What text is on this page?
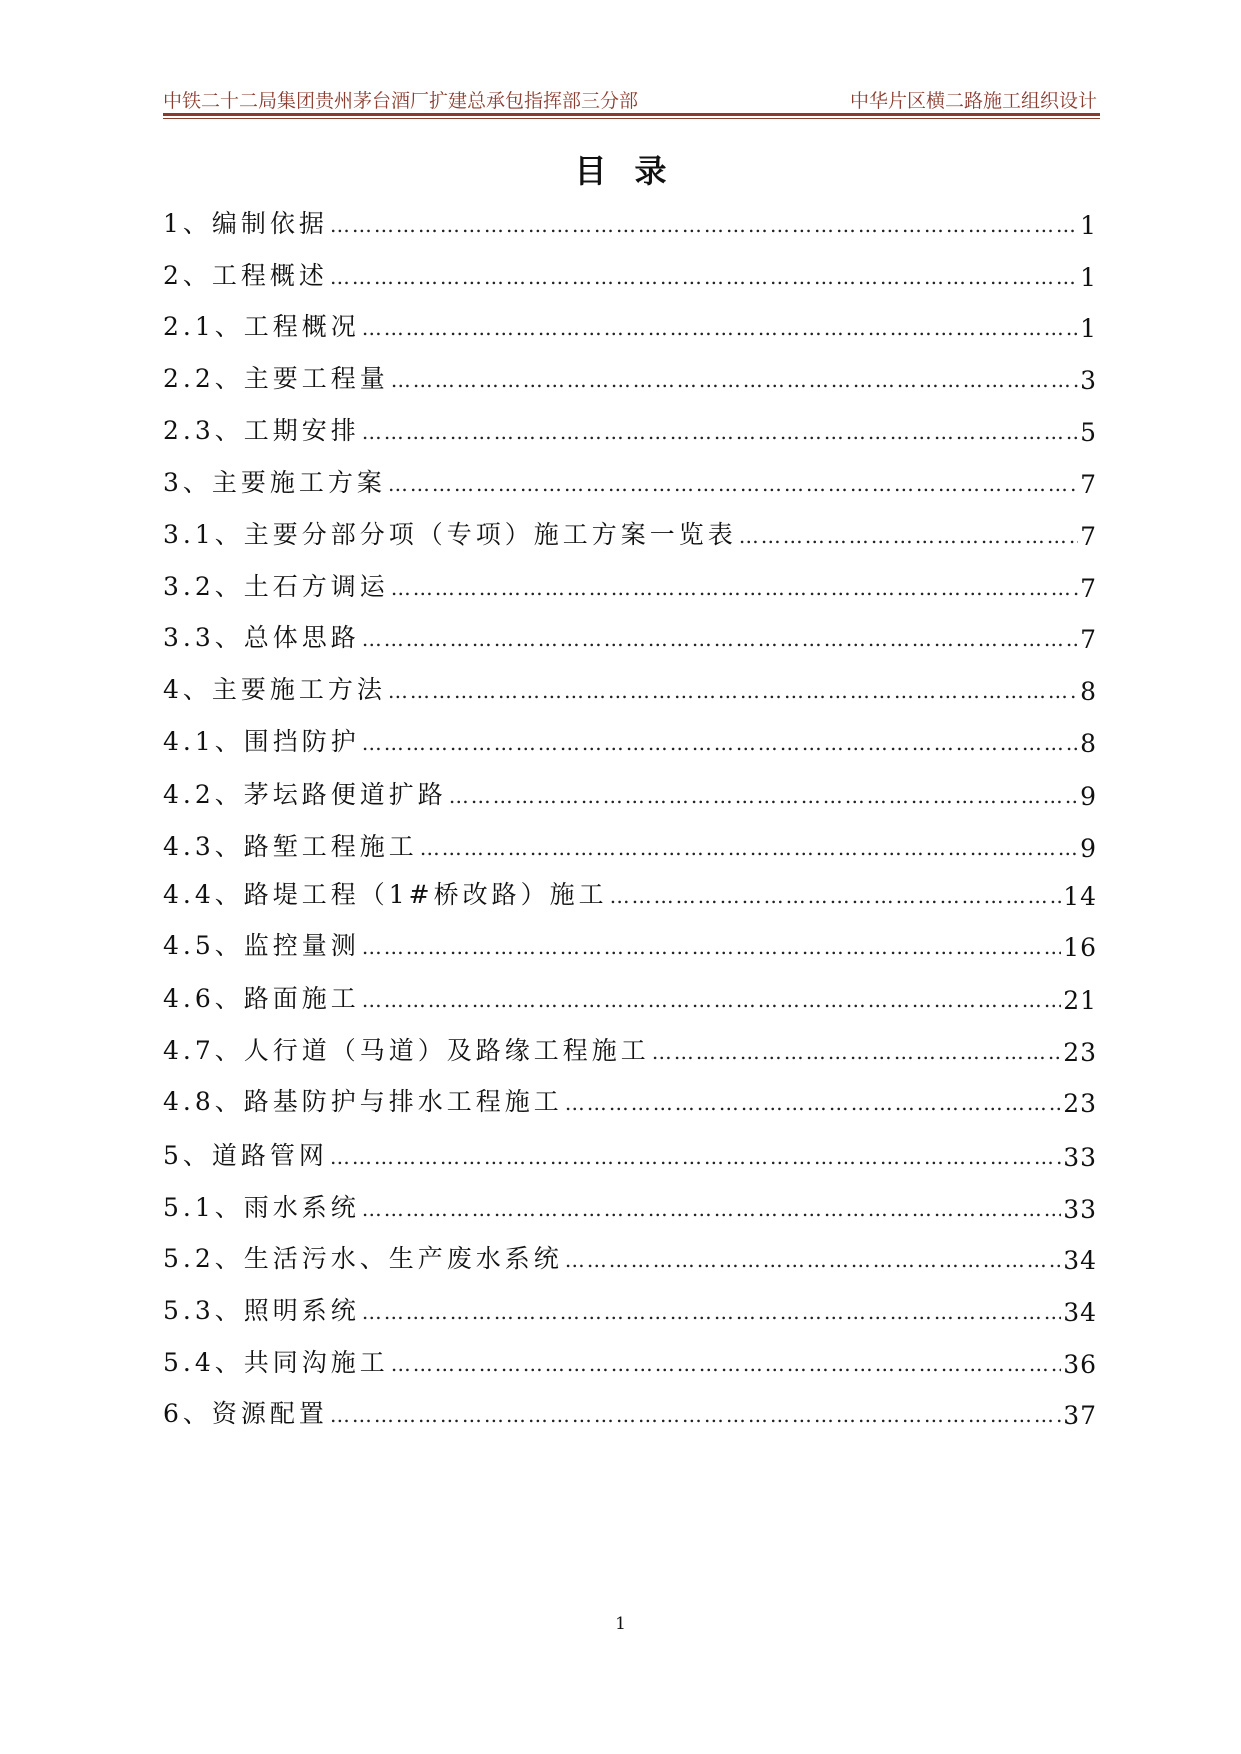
中铁二十二局集团贵州茅台酒厂扩建总承包指挥部三分部	中华片区横二路施工组织设计
目录
1、编制依据 ……………………………………………………………………………………………………………………………………………………………………………………	1
2、工程概述 ……………………………………………………………………………………………………………………………………………………………………………………	1
2.1、工程概况 ……………………………………………………………………………………………………………………………………………………………………………………	1
2.2、主要工程量 ……………………………………………………………………………………………………………………………………………………………………………………	3
2.3、工期安排 ……………………………………………………………………………………………………………………………………………………………………………………	5
3、主要施工方案 ……………………………………………………………………………………………………………………………………………………………………………………	7
3.1、主要分部分项（专项）施工方案一览表 ……………………………………………………………………………………………………………………………………………………………………………………	7
3.2、土石方调运 ……………………………………………………………………………………………………………………………………………………………………………………	7
3.3、总体思路 ……………………………………………………………………………………………………………………………………………………………………………………	7
4、主要施工方法 ……………………………………………………………………………………………………………………………………………………………………………………	8
4.1、围挡防护 ……………………………………………………………………………………………………………………………………………………………………………………	8
4.2、茅坛路便道扩路 ……………………………………………………………………………………………………………………………………………………………………………………	9
4.3、路堑工程施工 ……………………………………………………………………………………………………………………………………………………………………………………	9
4.4、路堤工程（1#桥改路）施工 ……………………………………………………………………………………………………………………………………………………………………………………	14
4.5、监控量测 ……………………………………………………………………………………………………………………………………………………………………………………	16
4.6、路面施工 ……………………………………………………………………………………………………………………………………………………………………………………	21
4.7、人行道（马道）及路缘工程施工 ……………………………………………………………………………………………………………………………………………………………………………………	23
4.8、路基防护与排水工程施工 ……………………………………………………………………………………………………………………………………………………………………………………	23
5、道路管网 ……………………………………………………………………………………………………………………………………………………………………………………	33
5.1、雨水系统 ……………………………………………………………………………………………………………………………………………………………………………………	33
5.2、生活污水、生产废水系统 ……………………………………………………………………………………………………………………………………………………………………………………	34
5.3、照明系统 ……………………………………………………………………………………………………………………………………………………………………………………	34
5.4、共同沟施工 ……………………………………………………………………………………………………………………………………………………………………………………	36
6、资源配置 ……………………………………………………………………………………………………………………………………………………………………………………	37
1
